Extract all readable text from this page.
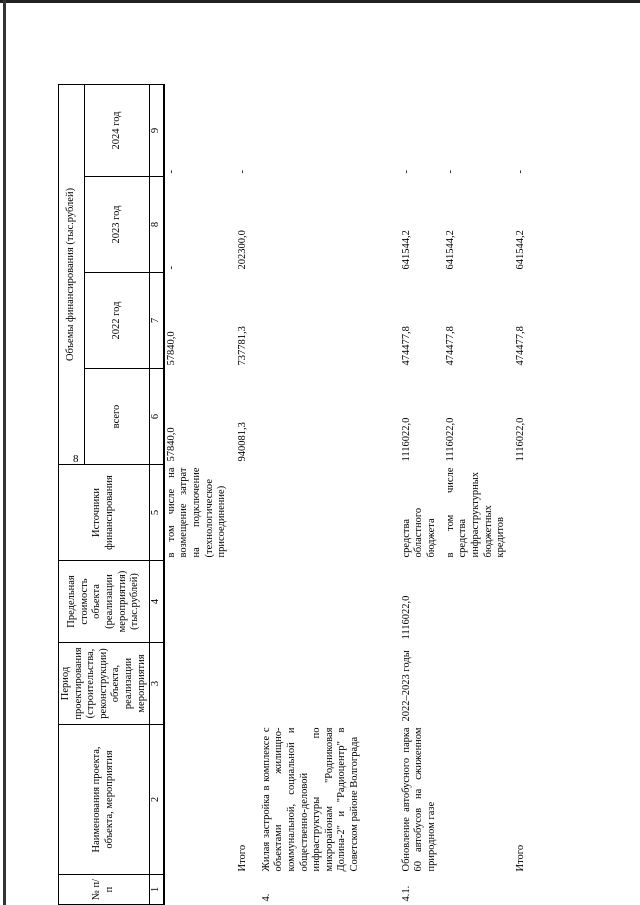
8
№ п/п	Наименования проекта, объекта, мероприятия	Период проектирования (строительства, реконструкции) объекта, реализации мероприятия	Предельная стоимость объекта (реализации мероприятия) (тыс.рублей)	Источники финансирования	Объемы финансирования (тыс.рублей)			
					всего	2022 год	2023 год	2024 год
1	2	3	4	5	6	7	8	9
				в том числе на возмещение затрат на подключение (технологическое присоединение)	57840,0	57840,0	-	-
	Итого				940081,3	737781,3	202300,0	-
4.	Жилая застройка в комплексе с объектами жилищно-коммунальной, социальной и общественно-деловой инфраструктуры по микрорайонам "Родниковая Долина-2" и "Радиоцентр" в Советском районе Волгограда							
4.1.	Обновление автобусного парка 60 автобусов на сжиженном природном газе	2022–2023 годы	1116022,0	средства областного бюджета	1116022,0	474477,8	641544,2	-
				в том числе средства инфраструктурных бюджетных кредитов	1116022,0	474477,8	641544,2	-
	Итого				1116022,0	474477,8	641544,2	-
